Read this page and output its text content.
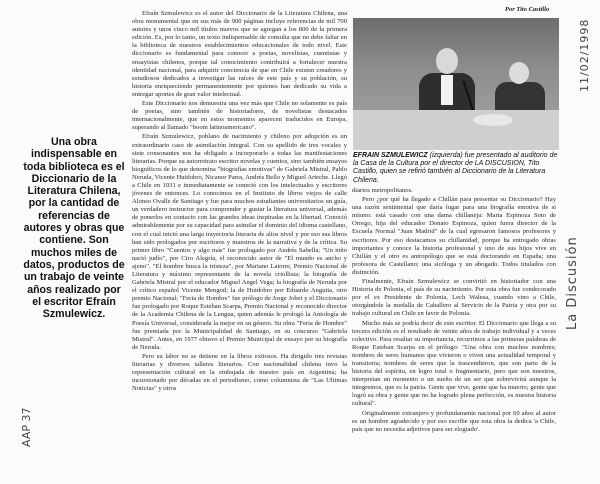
Por Tito Castillo
Una obra indispensable en toda biblioteca es el Diccionario de la Literatura Chilena, por la cantidad de referencias de autores y obras que contiene. Son muchos miles de datos, productos de un trabajo de veinte años realizado por el escritor Efraín Szmulewicz.

Efraín Szmulewicz es el autor del Diccionario de la Literatura Chilena, una obra monumental que en sus más de 900 páginas incluye referencias de mil 700 autores y unos cinco mil títulos nuevos que se agregan a los 800 de la primera edición. Es, por lo tanto, un texto indispensable de consulta que no debe faltar en la biblioteca de nuestros establecimientos educacionales de todo nivel. Este diccionario es fundamental para conocer a poetas, novelistas, cuentistas y ensayistas chilenos, porque tal conocimiento contribuirá a fortalecer nuestra identidad nacional, para adquirir conciencia de que en Chile existen creadores y estudiosos dedicados a investigar las raíces de este país y su población, su historia enriqueciendo permanentemente por quienes han dedicado su vida a entregar aportes de gran valor intelectual.

Este Diccionario nos demuestra una vez más que Chile no solamente es país de poetas, sino también de historiadores, de novelistas destacados internacionalmente, que en estos momentos aparecen traducidos en Europa, superando al llamado "boom latinoamericano".

Efraín Szmulewicz, poblano de nacimiento y chileno por adopción es un extraordinario caso de asimilación integral. Con su apellido de tres vocales y siete consonantes nos ha obligado a incorporarlo a todas las manifestaciones literarias. Porque su autorretrato escritor novelas y cuentos, sino también ensayos biográficos de lo que denomina "biografías emotivas" de Gabriela Mistral, Pablo Neruda, Vicente Huidobro, Nicanor Parra, Andrés Bello y Miguel Arteche. Llegó a Chile en 1931 e inmediatamente se conectó con los intelectuales y escritores jóvenes de entonces. Lo conocimos en el Instituto de libros viejos de calle Alonso Ovalle de Santiago y fue para muchos estudiantes universitarios un guía, un verdadero instructor para comprender y gustar la literatura universal, además de ponerlos en contacto con las grandes ideas inspiradas en la libertad. Conoció admirablemente por su capacidad para asimilar el dominio del idioma castellano, con el cual inició una larga trayectoria literaria de altos nivel y por eso sus libros han sido prologados por escritores y maestros de la narrativa y de la crítica. Su primer libro "Cuentos y algo más" fue prologado por Andrés Sabella; "Un niño nació judío", por Ciro Alegría, el reconocido autor de "El mundo es ancho y ajeno". "El hombre busca la tristeza", por Mariano Latorre, Premio Nacional de Literatura y máximo representante de la novela criollista; la biografía de Gabriela Mistral por el educador Miguel Angel Vega; la biografía de Neruda por el crítico español Vicente Mengod; la de Huidobro por Eduardo Anguita, otro premio Nacional; "Feria de Hombre" fue prólogo de Jorge Jobet y el Diccionario fue prologado por Roque Esteban Scarpa, Premio Nacional y reconocido director de la Academia Chilena de la Lengua, quien además le prologó la Antología de Poesía Universal, considerada la mejor en su género. Su obra "Feria de Hombre" fue premiada por la Municipalidad de Santiago, en su concurso "Gabriela Mistral". Antes, en 1977 obtuvo el Premio Municipal de ensayo por su biografía de Neruda.

Pero su labor no se detiene en la libros exitosos. Ha dirigido tres revistas literarias y diversos talleres literarios. Con nacionalidad chilena tuvo la representación cultural en la embajada de nuestro país en Argentina; ha incursionado por décadas en el periodismo, como columnista de "Las Ultimas Noticias" y otros

EFRAIN SZMULEWICZ (izquierda) fue presentado al auditorio de la Casa de la Cultura por el director de LA DISCUSION, Tito Castillo, quien se refirió también al Diccionario de la Literatura Chilena.

diarios metropolitanos.

Pero ¿por qué ha llegado a Chillán para presentar su Diccionario? Hay una razón sentimental que daría lugar para una biografía emotiva de sí mismo: está casado con una dama chillaneja: Marta Espinoza Soto de Orrego, hija del educador Donato Espinoza, quien fuera director de la Escuela Normal "Juan Madrid" de la cual egresaron famosos profesores y escritores. Por eso destacamos su chillanidad, porque ha entregado obras importantes y conoce la historia profesional y uno de sus hijos vive en Chillán y el otro es antropólogo que se está doctorando en España; una profesora de Castellano; una sicóloga y un abogado. Todos titulados con distinción.

Finalmente, Efraín Szmulewicz se convirtió en historiador con una Historia de Polonia, el país de su nacimiento. Por esta obra fue condecorado por el ex Presidente de Polonia, Lech Walesa, cuando vino a Chile, otorgándole la medalla de Caballero al Servicio de la Patria y otra por su trabajo cultural en Chile en favor de Polonia.

Mucho más se podría decir de este escritor. El Diccionario que llega a su tercera edición es el resultado de veinte años de trabajo individual y a veces colectivo. Para resaltar su importancia, recurrimos a las primeras palabras de Roque Esteban Scarpa en el prólogo: "Una obra con muchos nombres; nombres de seres humanos que vivieron o viven una actualidad temporal y transitoria; nombres de seres que la trascendieron, que son parte de la historia del espíritu, en logro total o fragmentario, pero que son nuestros, interpretan un momento o un sueño de un ser que sobrevivirá aunque la integremos, que es la patria. Gente que vive, gente que ha muerto; gente que logró su obra y gente que no ha logrado plena perfección, es nuestra historia cultural".

Originalmente extranjero y profundamente nacional por 60 años al autor es un hombre agradecido y por eso escribe que esta obra la dedica 'a Chile, país que no necesita adjetivos para ser elogiado'.

11/02/1998
La Discusión
AAP 37
